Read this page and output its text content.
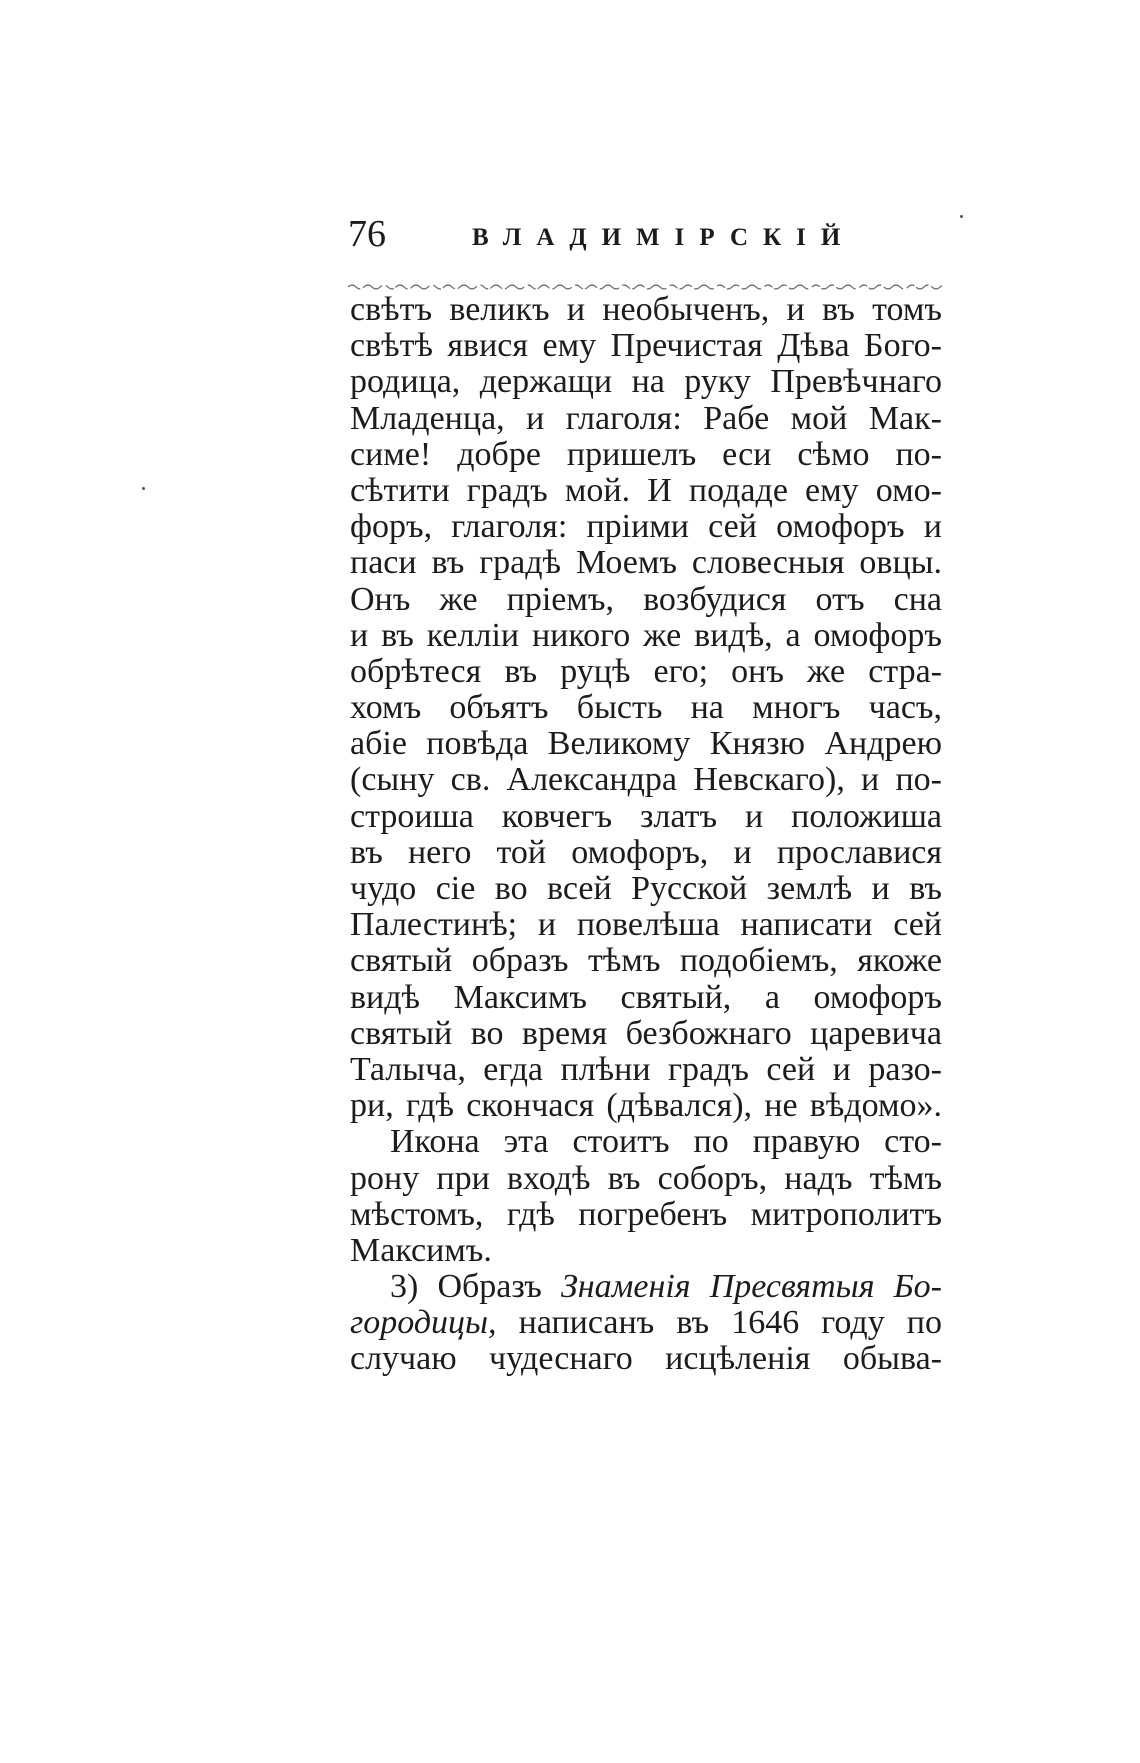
76	ВЛАДИМІРСКІЙ
свѣтъ великъ и необыченъ, и въ томъ
свѣтѣ явися ему Пречистая Дѣва Бого-
родица, держащи на руку Превѣчнаго
Младенца, и глаголя: Рабе мой Мак-
симе! добре пришелъ еси сѣмо по-
сѣтити градъ мой. И подаде ему омо-
форъ, глаголя: пріими сей омофоръ и
паси въ градѣ Моемъ словесныя овцы.
Онъ же пріемъ, возбудися отъ сна
и въ келліи никого же видѣ, а омофоръ
обрѣтеся въ руцѣ его; онъ же стра-
хомъ объятъ бысть на многъ часъ,
абіе повѣда Великому Князю Андрею
(сыну св. Александра Невскаго), и по-
строиша ковчегъ златъ и положиша
въ него той омофоръ, и прославися
чудо сіе во всей Русской землѣ и въ
Палестинѣ; и повелѣша написати сей
святый образъ тѣмъ подобіемъ, якоже
видѣ Максимъ святый, а омофоръ
святый во время безбожнаго царевича
Талыча, егда плѣни градъ сей и разо-
ри, гдѣ скончася (дѣвался), не вѣдомо».
Икона эта стоитъ по правую сто-
рону при входѣ въ соборъ, надъ тѣмъ
мѣстомъ, гдѣ погребенъ митрополитъ
Максимъ.
3) Образъ Знаменія Пресвятыя Бо-
городицы, написанъ въ 1646 году по
случаю чудеснаго исцѣленія обыва-
